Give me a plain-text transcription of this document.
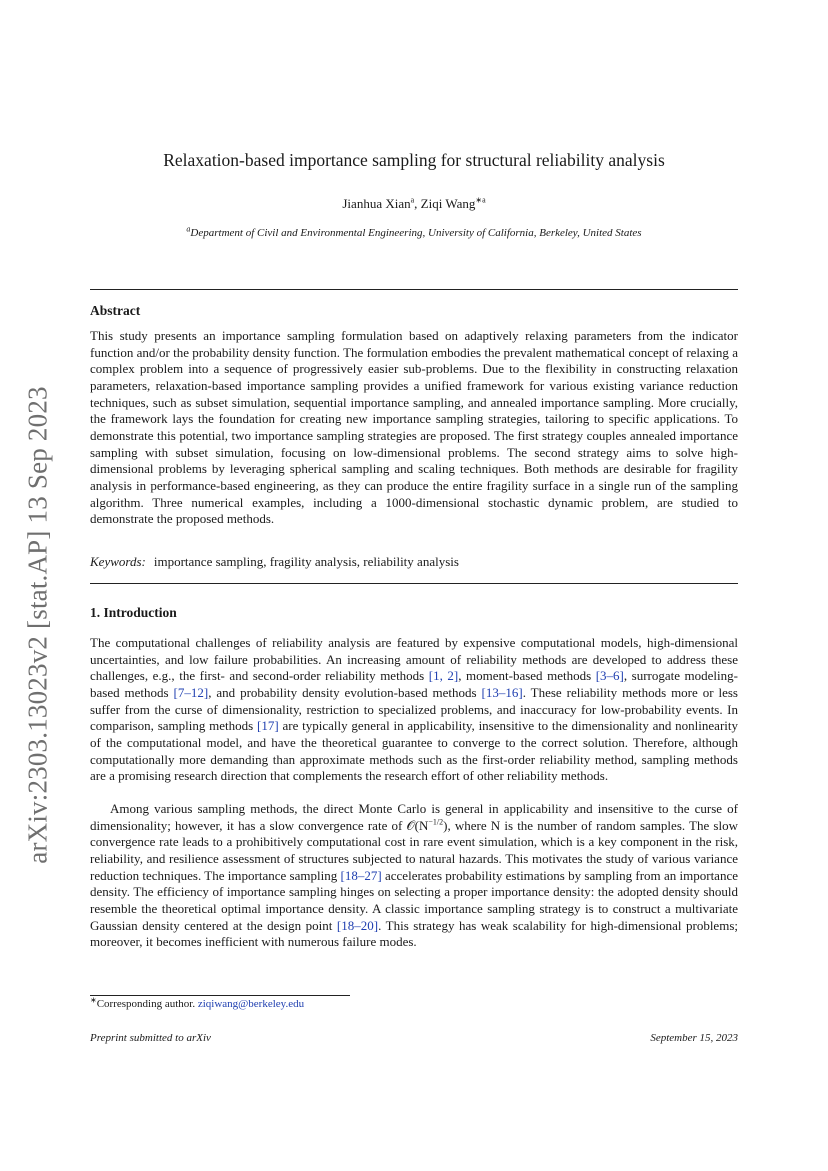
arXiv:2303.13023v2 [stat.AP] 13 Sep 2023
Relaxation-based importance sampling for structural reliability analysis
Jianhua Xian$^a$, Ziqi Wang$^{∗a}$
$^a$Department of Civil and Environmental Engineering, University of California, Berkeley, United States
Abstract
This study presents an importance sampling formulation based on adaptively relaxing parameters from the indicator function and/or the probability density function. The formulation embodies the prevalent mathematical concept of relaxing a complex problem into a sequence of progressively easier sub-problems. Due to the flexibility in constructing relaxation parameters, relaxation-based importance sampling provides a unified framework for various existing variance reduction techniques, such as subset simulation, sequential importance sampling, and annealed importance sampling. More crucially, the framework lays the foundation for creating new importance sampling strategies, tailoring to specific applications. To demonstrate this potential, two importance sampling strategies are proposed. The first strategy couples annealed importance sampling with subset simulation, focusing on low-dimensional problems. The second strategy aims to solve high-dimensional problems by leveraging spherical sampling and scaling techniques. Both methods are desirable for fragility analysis in performance-based engineering, as they can produce the entire fragility surface in a single run of the sampling algorithm. Three numerical examples, including a 1000-dimensional stochastic dynamic problem, are studied to demonstrate the proposed methods.
Keywords: importance sampling, fragility analysis, reliability analysis
1. Introduction
The computational challenges of reliability analysis are featured by expensive computational models, high-dimensional uncertainties, and low failure probabilities. An increasing amount of reliability methods are developed to address these challenges, e.g., the first- and second-order reliability methods [1, 2], moment-based methods [3–6], surrogate modeling-based methods [7–12], and probability density evolution-based methods [13–16]. These reliability methods more or less suffer from the curse of dimensionality, restriction to specialized problems, and inaccuracy for low-probability events. In comparison, sampling methods [17] are typically general in applicability, insensitive to the dimensionality and nonlinearity of the computational model, and have the theoretical guarantee to converge to the correct solution. Therefore, although computationally more demanding than approximate methods such as the first-order reliability method, sampling methods are a promising research direction that complements the research effort of other reliability methods.
Among various sampling methods, the direct Monte Carlo is general in applicability and insensitive to the curse of dimensionality; however, it has a slow convergence rate of $𝒪(N^{-1/2})$, where N is the number of random samples. The slow convergence rate leads to a prohibitively computational cost in rare event simulation, which is a key component in the risk, reliability, and resilience assessment of structures subjected to natural hazards. This motivates the study of various variance reduction techniques. The importance sampling [18–27] accelerates probability estimations by sampling from an importance density. The efficiency of importance sampling hinges on selecting a proper importance density: the adopted density should resemble the theoretical optimal importance density. A classic importance sampling strategy is to construct a multivariate Gaussian density centered at the design point [18–20]. This strategy has weak scalability for high-dimensional problems; moreover, it becomes inefficient with numerous failure modes.
∗Corresponding author. ziqiwang@berkeley.edu
Preprint submitted to arXiv	September 15, 2023
